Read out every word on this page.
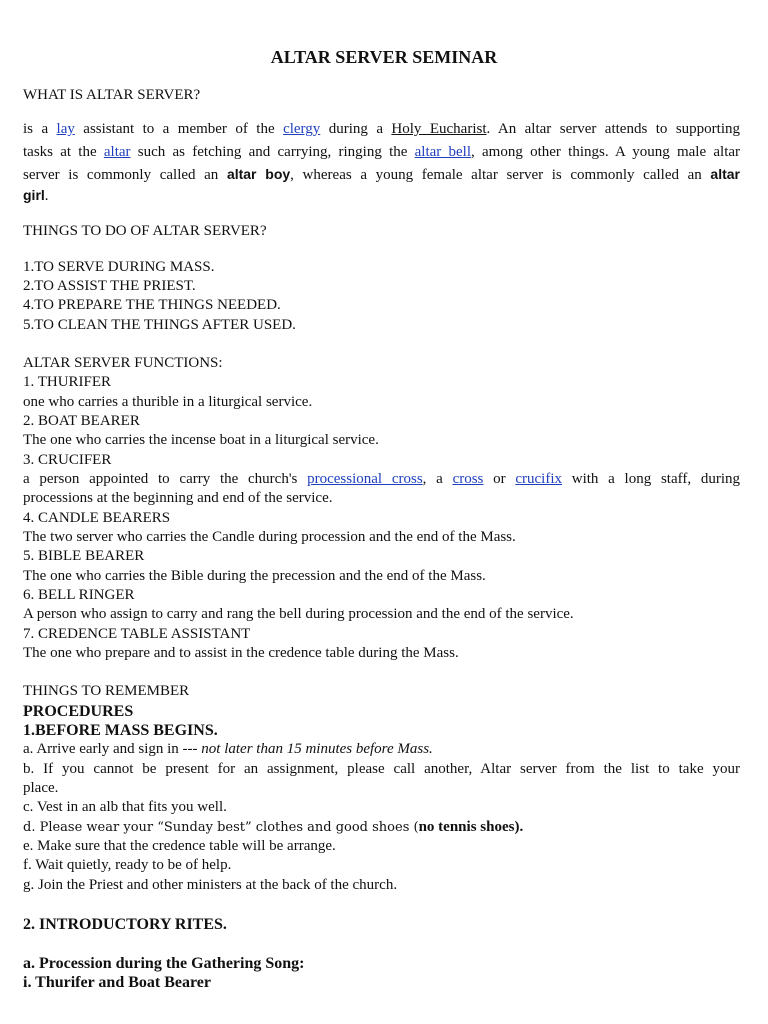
ALTAR SERVER SEMINAR
WHAT IS ALTAR SERVER?
is a lay assistant to a member of the clergy during a Holy Eucharist. An altar server attends to supporting
tasks at the altar such as fetching and carrying, ringing the altar bell, among other things. A young male altar
server is commonly called an altar boy, whereas a young female altar server is commonly called an altar
girl.
THINGS TO DO OF ALTAR SERVER?
1.TO SERVE DURING MASS.
2.TO ASSIST THE PRIEST.
4.TO PREPARE THE THINGS NEEDED.
5.TO CLEAN THE THINGS AFTER USED.
ALTAR SERVER FUNCTIONS:
1. THURIFER
one who carries a thurible in a liturgical service.
2. BOAT BEARER
The one who carries the incense boat in a liturgical service.
3. CRUCIFER
a person appointed to carry the church's processional cross, a cross or crucifix with a long staff, during
processions at the beginning and end of the service.
4. CANDLE BEARERS
The two server who carries the Candle during procession and the end of the Mass.
5. BIBLE BEARER
The one who carries the Bible during the precession and the end of the Mass.
6. BELL RINGER
A person who assign to carry and rang the bell during procession and the end of the service.
7. CREDENCE TABLE ASSISTANT
The one who prepare and to assist in the credence table during the Mass.
THINGS TO REMEMBER
PROCEDURES
1.BEFORE MASS BEGINS.
a. Arrive early and sign in --- not later than 15 minutes before Mass.
b. If you cannot be present for an assignment, please call another, Altar server from the list to take your
place.
c. Vest in an alb that fits you well.
d. Please wear your “Sunday best” clothes and good shoes (no tennis shoes).
e. Make sure that the credence table will be arrange.
f. Wait quietly, ready to be of help.
g. Join the Priest and other ministers at the back of the church.
2. INTRODUCTORY RITES.
a. Procession during the Gathering Song:
i. Thurifer and Boat Bearer
